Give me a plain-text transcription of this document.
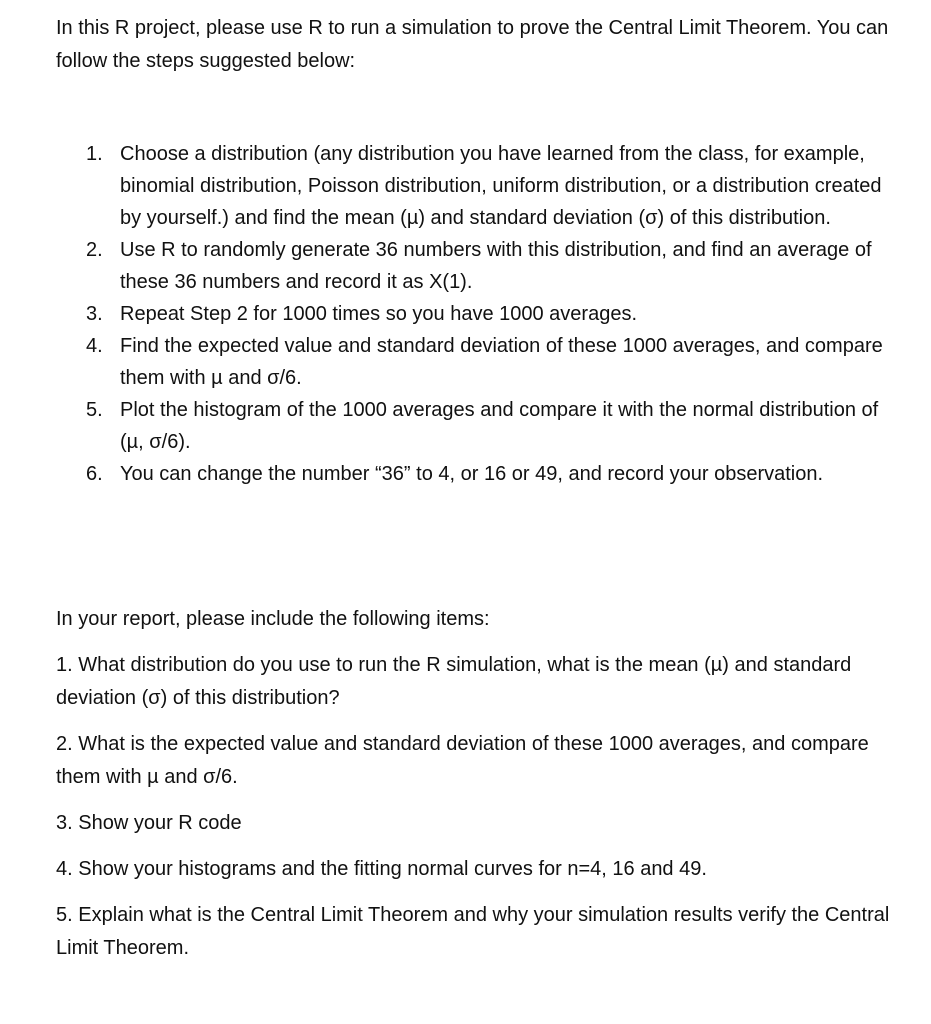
In this R project, please use R to run a simulation to prove the Central Limit Theorem. You can follow the steps suggested below:

1. Choose a distribution (any distribution you have learned from the class, for example, binomial distribution, Poisson distribution, uniform distribution, or a distribution created by yourself.) and find the mean (µ) and standard deviation (σ) of this distribution.
2. Use R to randomly generate 36 numbers with this distribution, and find an average of these 36 numbers and record it as X(1).
3. Repeat Step 2 for 1000 times so you have 1000 averages.
4. Find the expected value and standard deviation of these 1000 averages, and compare them with µ and σ/6.
5. Plot the histogram of the 1000 averages and compare it with the normal distribution of (µ, σ/6).
6. You can change the number “36” to 4, or 16 or 49, and record your observation.

In your report, please include the following items:

1. What distribution do you use to run the R simulation, what is the mean (µ) and standard deviation (σ) of this distribution?

2. What is the expected value and standard deviation of these 1000 averages, and compare them with µ and σ/6.

3. Show your R code

4. Show your histograms and the fitting normal curves for n=4, 16 and 49.

5. Explain what is the Central Limit Theorem and why your simulation results verify the Central Limit Theorem.
